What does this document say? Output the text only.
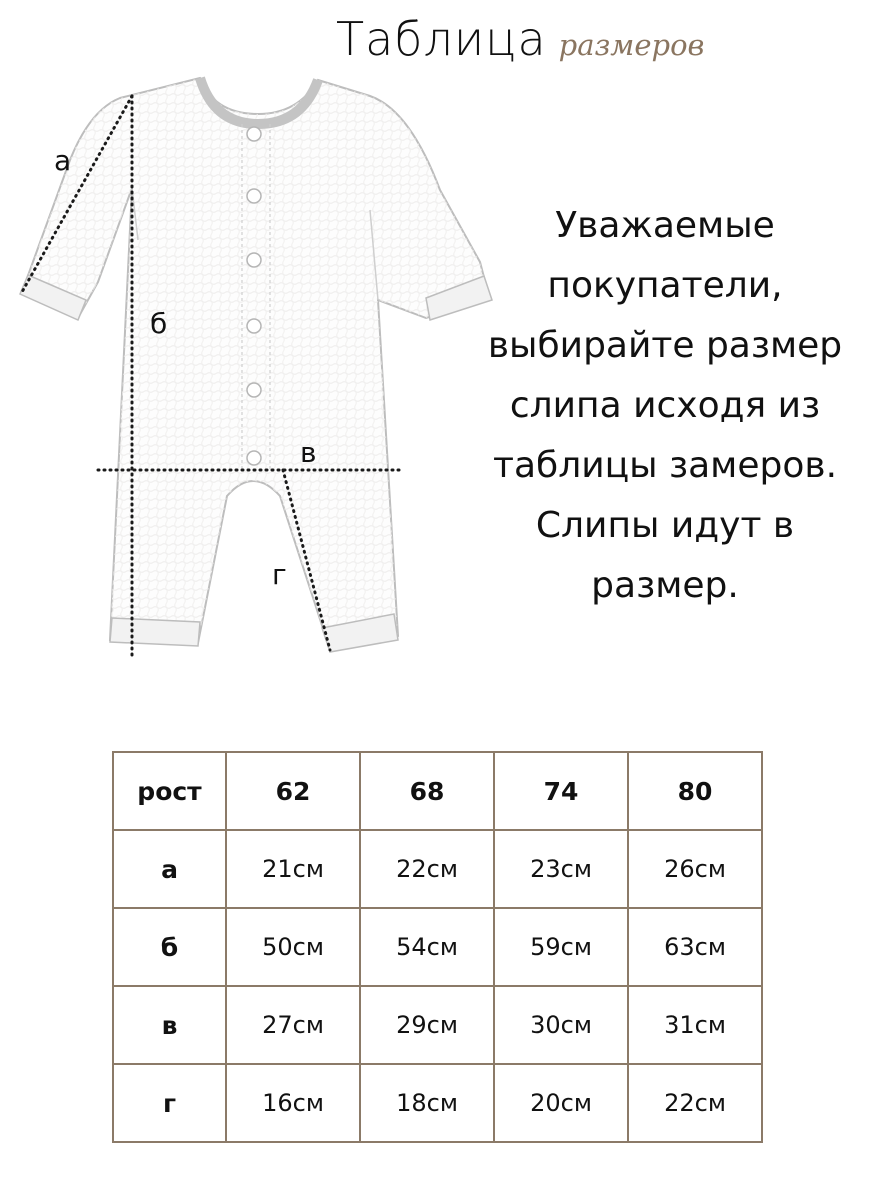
Таблица размеров
а
б
в
г
Уважаемые
покупатели,
выбирайте размер
слипа исходя из
таблицы замеров.
Слипы идут в
размер.
рост	62	68	74	80
а	21см	22см	23см	26см
б	50см	54см	59см	63см
в	27см	29см	30см	31см
г	16см	18см	20см	22см
